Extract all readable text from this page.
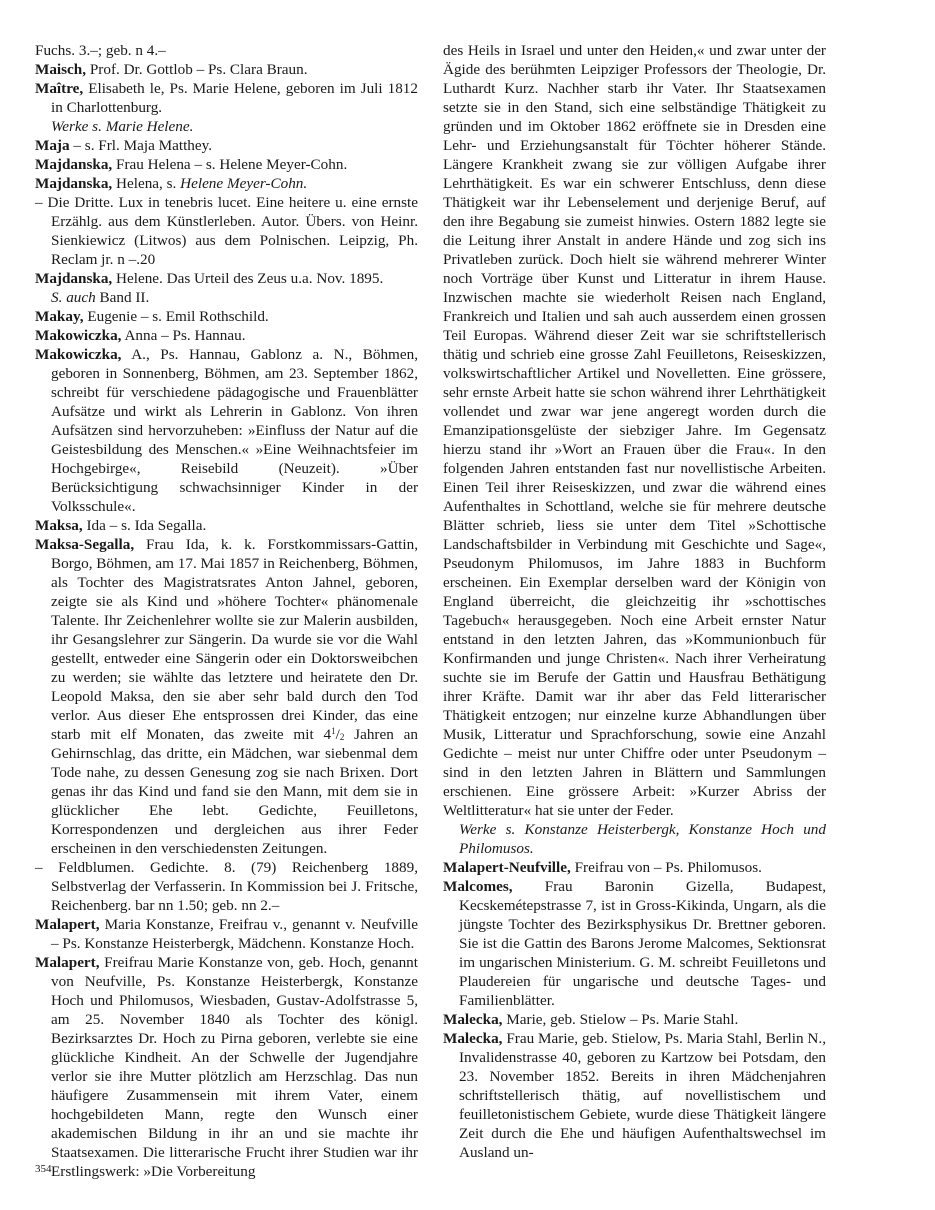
Fuchs. 3.–; geb. n 4.–

Maisch, Prof. Dr. Gottlob – Ps. Clara Braun.

Maître, Elisabeth le, Ps. Marie Helene, geboren im Juli 1812 in Charlottenburg.

Werke s. Marie Helene.

Maja – s. Frl. Maja Matthey.

Majdanska, Frau Helena – s. Helene Meyer-Cohn.

Majdanska, Helena, s. Helene Meyer-Cohn.

– Die Dritte. Lux in tenebris lucet. Eine heitere u. eine ernste Erzählg. aus dem Künstlerleben. Autor. Übers. von Heinr. Sienkiewicz (Litwos) aus dem Polnischen. Leipzig, Ph. Reclam jr. n –.20

Majdanska, Helene. Das Urteil des Zeus u.a. Nov. 1895.

S. auch Band II.

Makay, Eugenie – s. Emil Rothschild.

Makowiczka, Anna – Ps. Hannau.

Makowiczka, A., Ps. Hannau, Gablonz a. N., Böhmen, geboren in Sonnenberg, Böhmen, am 23. September 1862, schreibt für verschiedene pädagogische und Frauenblätter Aufsätze und wirkt als Lehrerin in Gablonz. Von ihren Aufsätzen sind hervorzuheben: »Einfluss der Natur auf die Geistesbildung des Menschen.« »Eine Weihnachtsfeier im Hochgebirge«, Reisebild (Neuzeit). »Über Berücksichtigung schwachsinniger Kinder in der Volksschule«.

Maksa, Ida – s. Ida Segalla.

Maksa-Segalla, Frau Ida, k. k. Forstkommissars-Gattin, Borgo, Böhmen, am 17. Mai 1857 in Reichenberg, Böhmen, als Tochter des Magistratsrates Anton Jahnel, geboren, zeigte sie als Kind und »höhere Tochter« phänomenale Talente. Ihr Zeichenlehrer wollte sie zur Malerin ausbilden, ihr Gesangslehrer zur Sängerin. Da wurde sie vor die Wahl gestellt, entweder eine Sängerin oder ein Doktorsweibchen zu werden; sie wählte das letztere und heiratete den Dr. Leopold Maksa, den sie aber sehr bald durch den Tod verlor. Aus dieser Ehe entsprossen drei Kinder, das eine starb mit elf Monaten, das zweite mit $4^1/_2$ Jahren an Gehirnschlag, das dritte, ein Mädchen, war siebenmal dem Tode nahe, zu dessen Genesung zog sie nach Brixen. Dort genas ihr das Kind und fand sie den Mann, mit dem sie in glücklicher Ehe lebt. Gedichte, Feuilletons, Korrespondenzen und dergleichen aus ihrer Feder erscheinen in den verschiedensten Zeitungen.

– Feldblumen. Gedichte. 8. (79) Reichenberg 1889, Selbstverlag der Verfasserin. In Kommission bei J. Fritsche, Reichenberg. bar nn 1.50; geb. nn 2.–

Malapert, Maria Konstanze, Freifrau v., genannt v. Neufville – Ps. Konstanze Heisterbergk, Mädchenn. Konstanze Hoch.

Malapert, Freifrau Marie Konstanze von, geb. Hoch, genannt von Neufville, Ps. Konstanze Heisterbergk, Konstanze Hoch und Philomusos, Wiesbaden, Gustav-Adolfstrasse 5, am 25. November 1840 als Tochter des königl. Bezirksarztes Dr. Hoch zu Pirna geboren, verlebte sie eine glückliche Kindheit. An der Schwelle der Jugendjahre verlor sie ihre Mutter plötzlich am Herzschlag. Das nun häufigere Zusammensein mit ihrem Vater, einem hochgebildeten Mann, regte den Wunsch einer akademischen Bildung in ihr an und sie machte ihr Staatsexamen. Die litterarische Frucht ihrer Studien war ihr Erstlingswerk: »Die Vorbereitung

des Heils in Israel und unter den Heiden,« und zwar unter der Ägide des berühmten Leipziger Professors der Theologie, Dr. Luthardt Kurz. Nachher starb ihr Vater. Ihr Staatsexamen setzte sie in den Stand, sich eine selbständige Thätigkeit zu gründen und im Oktober 1862 eröffnete sie in Dresden eine Lehr- und Erziehungsanstalt für Töchter höherer Stände. Längere Krankheit zwang sie zur völligen Aufgabe ihrer Lehrthätigkeit. Es war ein schwerer Entschluss, denn diese Thätigkeit war ihr Lebenselement und derjenige Beruf, auf den ihre Begabung sie zumeist hinwies. Ostern 1882 legte sie die Leitung ihrer Anstalt in andere Hände und zog sich ins Privatleben zurück. Doch hielt sie während mehrerer Winter noch Vorträge über Kunst und Litteratur in ihrem Hause. Inzwischen machte sie wiederholt Reisen nach England, Frankreich und Italien und sah auch ausserdem einen grossen Teil Europas. Während dieser Zeit war sie schriftstellerisch thätig und schrieb eine grosse Zahl Feuilletons, Reiseskizzen, volkswirtschaftlicher Artikel und Novelletten. Eine grössere, sehr ernste Arbeit hatte sie schon während ihrer Lehrthätigkeit vollendet und zwar war jene angeregt worden durch die Emanzipationsgelüste der siebziger Jahre. Im Gegensatz hierzu stand ihr »Wort an Frauen über die Frau«. In den folgenden Jahren entstanden fast nur novellistische Arbeiten. Einen Teil ihrer Reiseskizzen, und zwar die während eines Aufenthaltes in Schottland, welche sie für mehrere deutsche Blätter schrieb, liess sie unter dem Titel »Schottische Landschaftsbilder in Verbindung mit Geschichte und Sage«, Pseudonym Philomusos, im Jahre 1883 in Buchform erscheinen. Ein Exemplar derselben ward der Königin von England überreicht, die gleichzeitig ihr »schottisches Tagebuch« herausgegeben. Noch eine Arbeit ernster Natur entstand in den letzten Jahren, das »Kommunionbuch für Konfirmanden und junge Christen«. Nach ihrer Verheiratung suchte sie im Berufe der Gattin und Hausfrau Bethätigung ihrer Kräfte. Damit war ihr aber das Feld litterarischer Thätigkeit entzogen; nur einzelne kurze Abhandlungen über Musik, Litteratur und Sprachforschung, sowie eine Anzahl Gedichte – meist nur unter Chiffre oder unter Pseudonym – sind in den letzten Jahren in Blättern und Sammlungen erschienen. Eine grössere Arbeit: »Kurzer Abriss der Weltlitteratur« hat sie unter der Feder.

Werke s. Konstanze Heisterbergk, Konstanze Hoch und Philomusos.

Malapert-Neufville, Freifrau von – Ps. Philomusos.

Malcomes, Frau Baronin Gizella, Budapest, Kecskemétерstrasse 7, ist in Gross-Kikinda, Ungarn, als die jüngste Tochter des Bezirksphysikus Dr. Brettner geboren. Sie ist die Gattin des Barons Jerome Malcomes, Sektionsrat im ungarischen Ministerium. G. M. schreibt Feuilletons und Plaudereien für ungarische und deutsche Tages- und Familienblätter.

Malecka, Marie, geb. Stielow – Ps. Marie Stahl.

Malecka, Frau Marie, geb. Stielow, Ps. Maria Stahl, Berlin N., Invalidenstrasse 40, geboren zu Kartzow bei Potsdam, den 23. November 1852. Bereits in ihren Mädchenjahren schriftstellerisch thätig, auf novellistischem und feuilletonistischem Gebiete, wurde diese Thätigkeit längere Zeit durch die Ehe und häufigen Aufenthaltswechsel im Ausland un-

354
